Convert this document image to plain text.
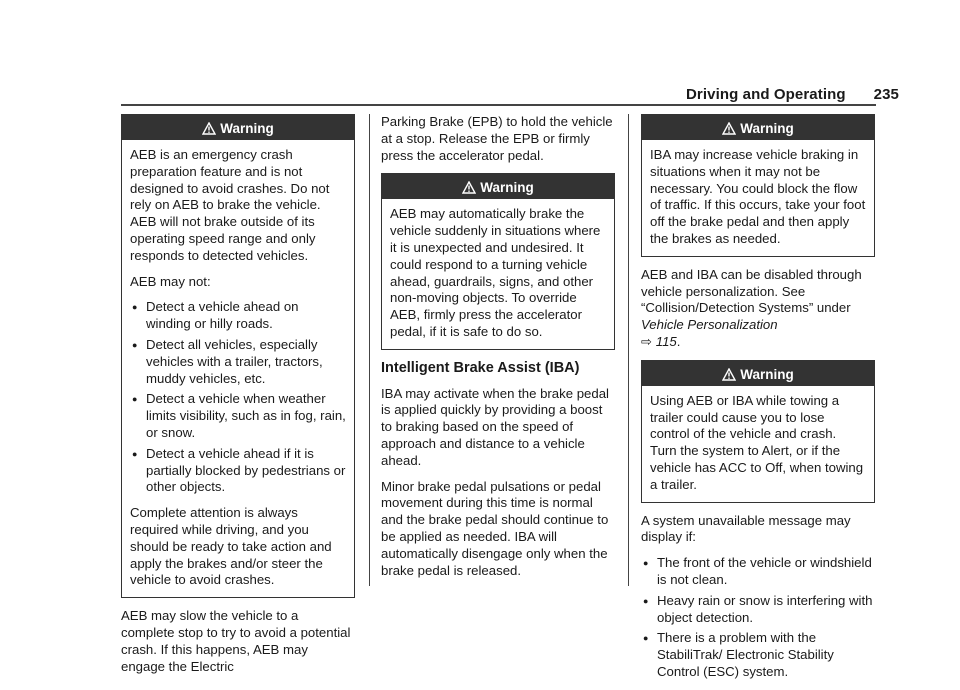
Driving and Operating 235
Warning

AEB is an emergency crash preparation feature and is not designed to avoid crashes. Do not rely on AEB to brake the vehicle. AEB will not brake outside of its operating speed range and only responds to detected vehicles.

AEB may not:

● Detect a vehicle ahead on winding or hilly roads.
● Detect all vehicles, especially vehicles with a trailer, tractors, muddy vehicles, etc.
● Detect a vehicle when weather limits visibility, such as in fog, rain, or snow.
● Detect a vehicle ahead if it is partially blocked by pedestrians or other objects.

Complete attention is always required while driving, and you should be ready to take action and apply the brakes and/or steer the vehicle to avoid crashes.

AEB may slow the vehicle to a complete stop to try to avoid a potential crash. If this happens, AEB may engage the Electric

Parking Brake (EPB) to hold the vehicle at a stop. Release the EPB or firmly press the accelerator pedal.

Warning

AEB may automatically brake the vehicle suddenly in situations where it is unexpected and undesired. It could respond to a turning vehicle ahead, guardrails, signs, and other non-moving objects. To override AEB, firmly press the accelerator pedal, if it is safe to do so.

Intelligent Brake Assist (IBA)

IBA may activate when the brake pedal is applied quickly by providing a boost to braking based on the speed of approach and distance to a vehicle ahead.

Minor brake pedal pulsations or pedal movement during this time is normal and the brake pedal should continue to be applied as needed. IBA will automatically disengage only when the brake pedal is released.

Warning

IBA may increase vehicle braking in situations when it may not be necessary. You could block the flow of traffic. If this occurs, take your foot off the brake pedal and then apply the brakes as needed.

AEB and IBA can be disabled through vehicle personalization. See “Collision/Detection Systems” under Vehicle Personalization
⇨ 115.

Warning

Using AEB or IBA while towing a trailer could cause you to lose control of the vehicle and crash. Turn the system to Alert, or if the vehicle has ACC to Off, when towing a trailer.

A system unavailable message may display if:

● The front of the vehicle or windshield is not clean.
● Heavy rain or snow is interfering with object detection.
● There is a problem with the StabiliTrak/ Electronic Stability Control (ESC) system.
